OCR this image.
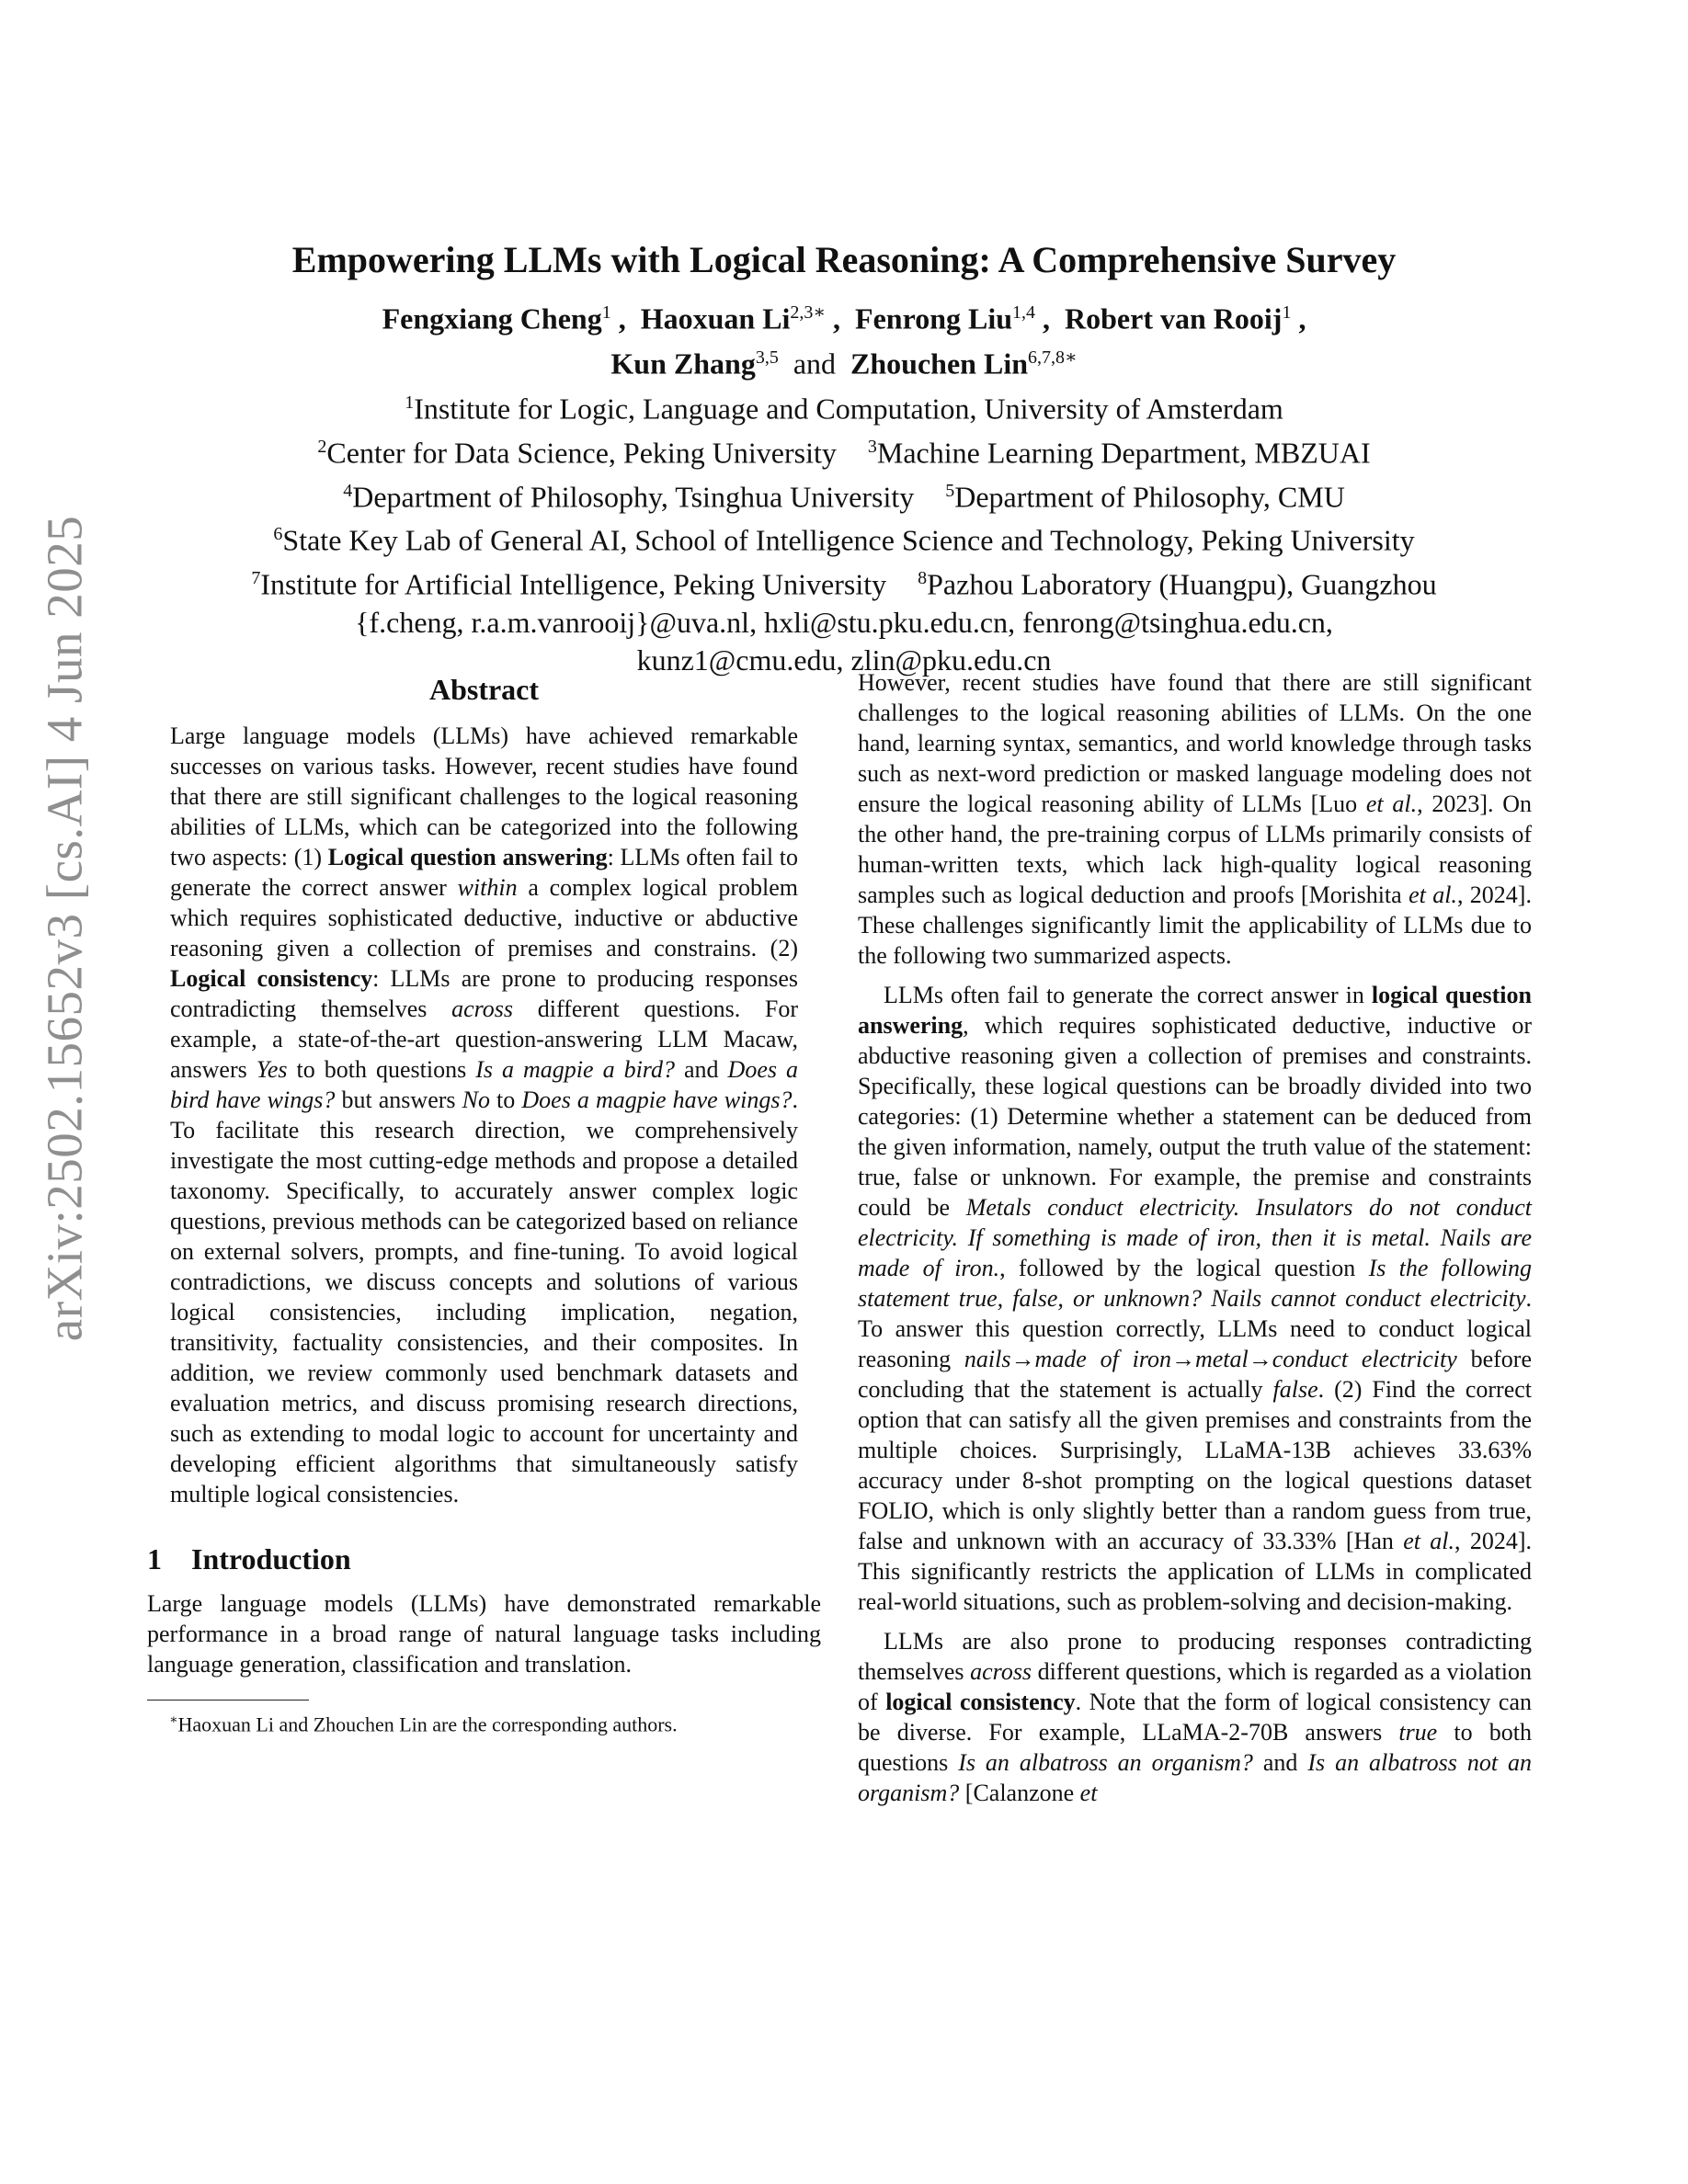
arXiv:2502.15652v3 [cs.AI] 4 Jun 2025
Empowering LLMs with Logical Reasoning: A Comprehensive Survey
Fengxiang Cheng$^1$ ,  Haoxuan $Li^{2,3∗}$ ,  Fenrong Liu$^{1,4}$ ,  Robert van Rooij$^1$ ,
Kun Zhang$^{3,5}$ and Zhouchen Lin$^{6,7,8∗}$
$^1$Institute for Logic, Language and Computation, University of Amsterdam
$^2$Center for Data Science, Peking University $^3$Machine Learning Department, MBZUAI
$^4$Department of Philosophy, Tsinghua University $^5$Department of Philosophy, CMU
$^6$State Key Lab of General AI, School of Intelligence Science and Technology, Peking University
$^7$Institute for Artificial Intelligence, Peking University $^8$Pazhou Laboratory (Huangpu), Guangzhou
{f.cheng, r.a.m.vanrooij}@uva.nl, hxli@stu.pku.edu.cn, fenrong@tsinghua.edu.cn,
kunz1@cmu.edu, zlin@pku.edu.cn
Abstract

Large language models (LLMs) have achieved remarkable successes on various tasks. However, recent studies have found that there are still significant challenges to the logical reasoning abilities of LLMs, which can be categorized into the following two aspects: (1) Logical question answering: LLMs often fail to generate the correct answer within a complex logical problem which requires sophisticated deductive, inductive or abductive reasoning given a collection of premises and constrains. (2) Logical consistency: LLMs are prone to producing responses contradicting themselves across different questions. For example, a state-of-the-art question-answering LLM Macaw, answers Yes to both questions Is a magpie a bird? and Does a bird have wings? but answers No to Does a magpie have wings?. To facilitate this research direction, we comprehensively investigate the most cutting-edge methods and propose a detailed taxonomy. Specifically, to accurately answer complex logic questions, previous methods can be categorized based on reliance on external solvers, prompts, and fine-tuning. To avoid logical contradictions, we discuss concepts and solutions of various logical consistencies, including implication, negation, transitivity, factuality consistencies, and their composites. In addition, we review commonly used benchmark datasets and evaluation metrics, and discuss promising research directions, such as extending to modal logic to account for uncertainty and developing efficient algorithms that simultaneously satisfy multiple logical consistencies.

1 Introduction

Large language models (LLMs) have demonstrated remarkable performance in a broad range of natural language tasks including language generation, classification and translation.

∗Haoxuan Li and Zhouchen Lin are the corresponding authors.

However, recent studies have found that there are still significant challenges to the logical reasoning abilities of LLMs. On the one hand, learning syntax, semantics, and world knowledge through tasks such as next-word prediction or masked language modeling does not ensure the logical reasoning ability of LLMs [Luo et al., 2023]. On the other hand, the pre-training corpus of LLMs primarily consists of human-written texts, which lack high-quality logical reasoning samples such as logical deduction and proofs [Morishita et al., 2024]. These challenges significantly limit the applicability of LLMs due to the following two summarized aspects.

LLMs often fail to generate the correct answer in logical question answering, which requires sophisticated deductive, inductive or abductive reasoning given a collection of premises and constraints. Specifically, these logical questions can be broadly divided into two categories: (1) Determine whether a statement can be deduced from the given information, namely, output the truth value of the statement: true, false or unknown. For example, the premise and constraints could be Metals conduct electricity. Insulators do not conduct electricity. If something is made of iron, then it is metal. Nails are made of iron., followed by the logical question Is the following statement true, false, or unknown? Nails cannot conduct electricity. To answer this question correctly, LLMs need to conduct logical reasoning nails→made of iron→metal→conduct electricity before concluding that the statement is actually false. (2) Find the correct option that can satisfy all the given premises and constraints from the multiple choices. Surprisingly, LLaMA-13B achieves 33.63% accuracy under 8-shot prompting on the logical questions dataset FOLIO, which is only slightly better than a random guess from true, false and unknown with an accuracy of 33.33% [Han et al., 2024]. This significantly restricts the application of LLMs in complicated real-world situations, such as problem-solving and decision-making.

LLMs are also prone to producing responses contradicting themselves across different questions, which is regarded as a violation of logical consistency. Note that the form of logical consistency can be diverse. For example, LLaMA-2-70B answers true to both questions Is an albatross an organism? and Is an albatross not an organism? [Calanzone et
